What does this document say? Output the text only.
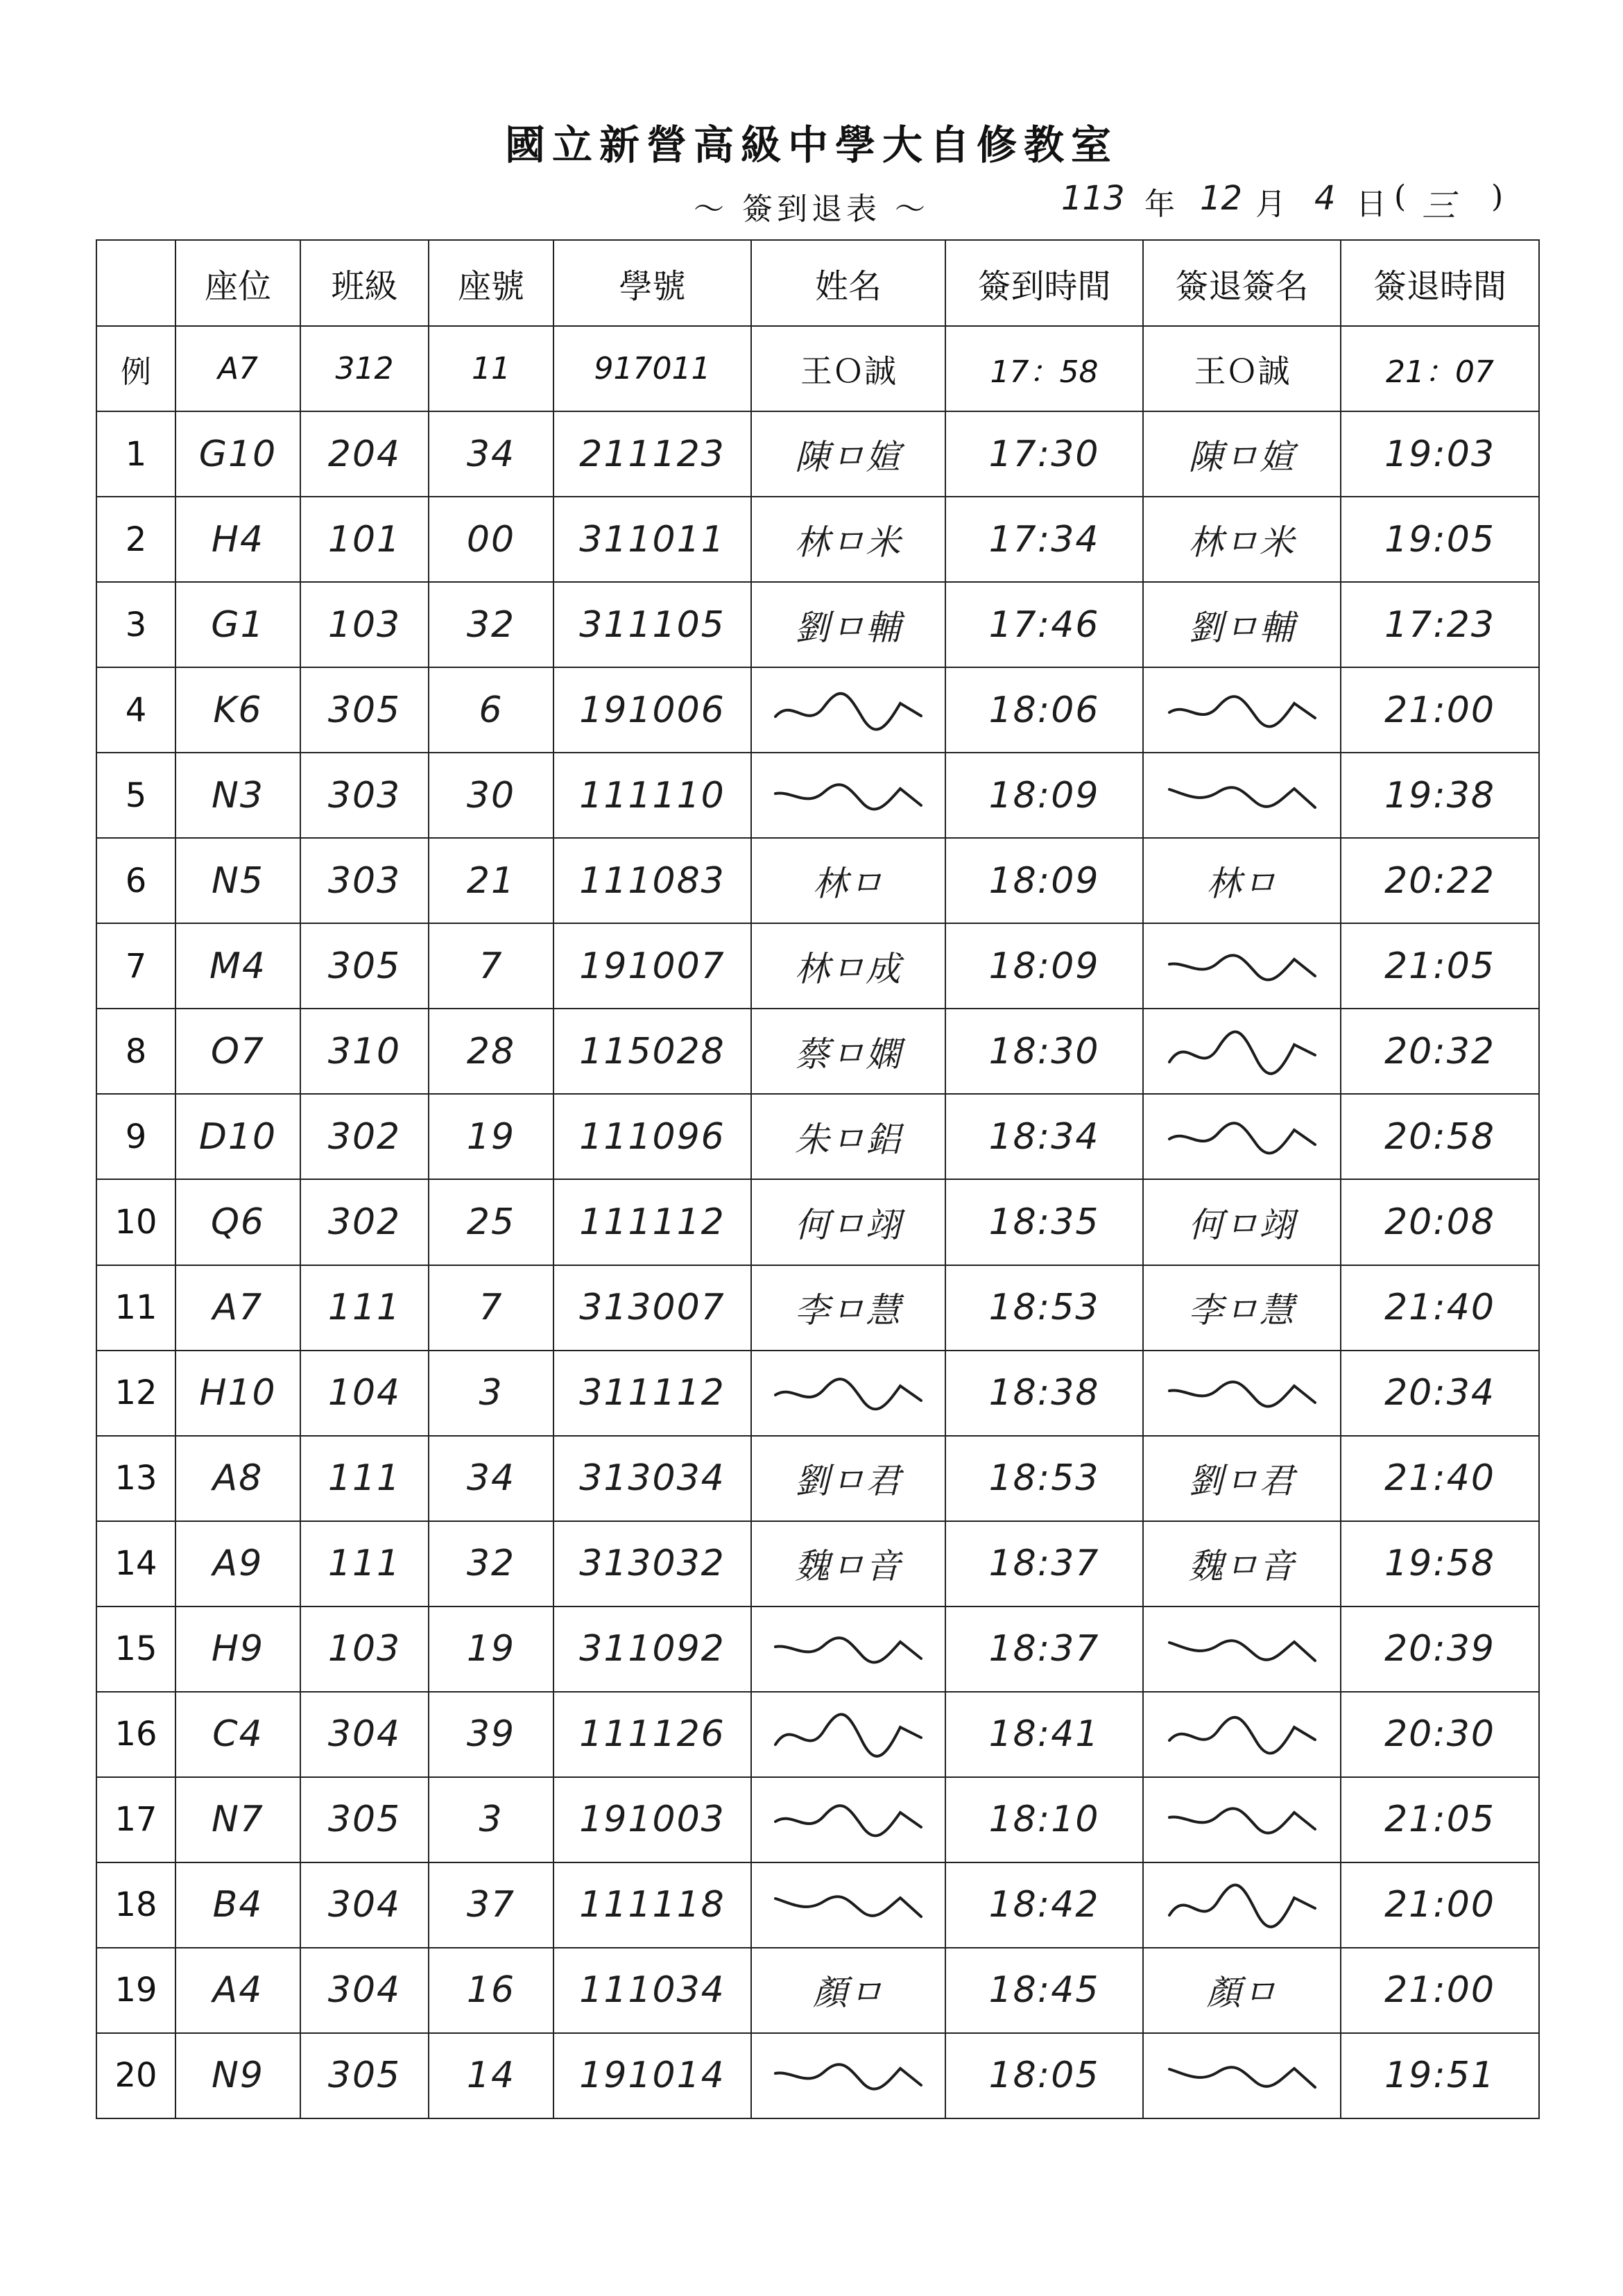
國立新營高級中學大自修教室
～ 簽到退表 ～	113 年 12 月 4 日 ( 三 )
	座位	班級	座號	學號	姓名	簽到時間	簽退簽名	簽退時間
例	A7	312	11	917011	王Ｏ誠	17：58	王Ｏ誠	21：07
1	G10	204	34	211123	陳ㅁ媗	17:30	陳ㅁ媗	19:03
2	H4	101	00	311011	林ㅁ米	17:34	林ㅁ米	19:05
3	G1	103	32	311105	劉ㅁ輔	17:46	劉ㅁ輔	17:23
4	K6	305	6	191006		18:06		21:00
5	N3	303	30	111110		18:09		19:38
6	N5	303	21	111083	林ㅁ	18:09	林ㅁ	20:22
7	M4	305	7	191007	林ㅁ成	18:09		21:05
8	O7	310	28	115028	蔡ㅁ嫻	18:30		20:32
9	D10	302	19	111096	朱ㅁ鋁	18:34		20:58
10	Q6	302	25	111112	何ㅁ翊	18:35	何ㅁ翊	20:08
11	A7	111	7	313007	李ㅁ慧	18:53	李ㅁ慧	21:40
12	H10	104	3	311112		18:38		20:34
13	A8	111	34	313034	劉ㅁ君	18:53	劉ㅁ君	21:40
14	A9	111	32	313032	魏ㅁ音	18:37	魏ㅁ音	19:58
15	H9	103	19	311092		18:37		20:39
16	C4	304	39	111126		18:41		20:30
17	N7	305	3	191003		18:10		21:05
18	B4	304	37	111118		18:42		21:00
19	A4	304	16	111034	顏ㅁ	18:45	顏ㅁ	21:00
20	N9	305	14	191014		18:05		19:51
